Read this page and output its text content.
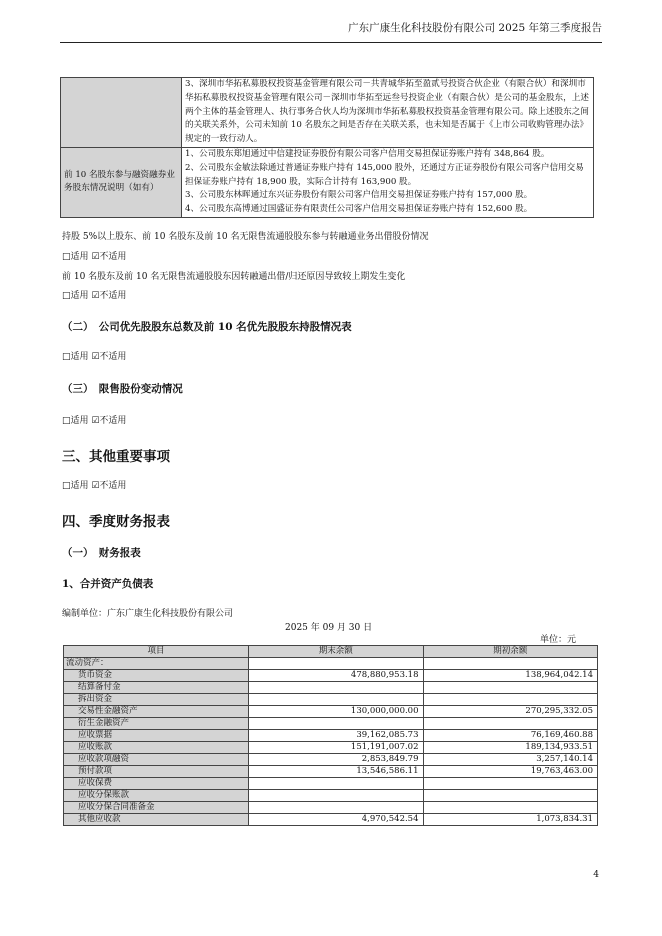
广东广康生化科技股份有限公司 2025 年第三季度报告
	3、深圳市华拓私募股权投资基金管理有限公司－共青城华拓至盈贰号投资合伙企业（有限合伙）和深圳市华拓私募股权投资基金管理有限公司－深圳市华拓至远叁号投资企业（有限合伙）是公司的基金股东，上述两个主体的基金管理人、执行事务合伙人均为深圳市华拓私募股权投资基金管理有限公司。除上述股东之间的关联关系外，公司未知前 10 名股东之间是否存在关联关系，也未知是否属于《上市公司收购管理办法》规定的一致行动人。
前 10 名股东参与融资融券业务股东情况说明（如有）	1、公司股东郑旭通过中信建投证券股份有限公司客户信用交易担保证券账户持有 348,864 股。
2、公司股东金敏法除通过普通证券账户持有 145,000 股外，还通过方正证券股份有限公司客户信用交易担保证券账户持有 18,900 股，实际合计持有 163,900 股。
3、公司股东林晖通过东兴证券股份有限公司客户信用交易担保证券账户持有 157,000 股。
4、公司股东高博通过国盛证券有限责任公司客户信用交易担保证券账户持有 152,600 股。
持股 5%以上股东、前 10 名股东及前 10 名无限售流通股股东参与转融通业务出借股份情况
□适用 ☑不适用
前 10 名股东及前 10 名无限售流通股股东因转融通出借/归还原因导致较上期发生变化
□适用 ☑不适用
（二）　公司优先股股东总数及前 10 名优先股股东持股情况表
□适用 ☑不适用
（三）　限售股份变动情况
□适用 ☑不适用
三、其他重要事项
□适用 ☑不适用
四、季度财务报表
（一）　财务报表
1、合并资产负债表
编制单位：广东广康生化科技股份有限公司
2025 年 09 月 30 日
单位：元
项目	期末余额	期初余额
流动资产：		
货币资金	478,880,953.18	138,964,042.14
结算备付金		
拆出资金		
交易性金融资产	130,000,000.00	270,295,332.05
衍生金融资产		
应收票据	39,162,085.73	76,169,460.88
应收账款	151,191,007.02	189,134,933.51
应收款项融资	2,853,849.79	3,257,140.14
预付款项	13,546,586.11	19,763,463.00
应收保费		
应收分保账款		
应收分保合同准备金		
其他应收款	4,970,542.54	1,073,834.31
4
